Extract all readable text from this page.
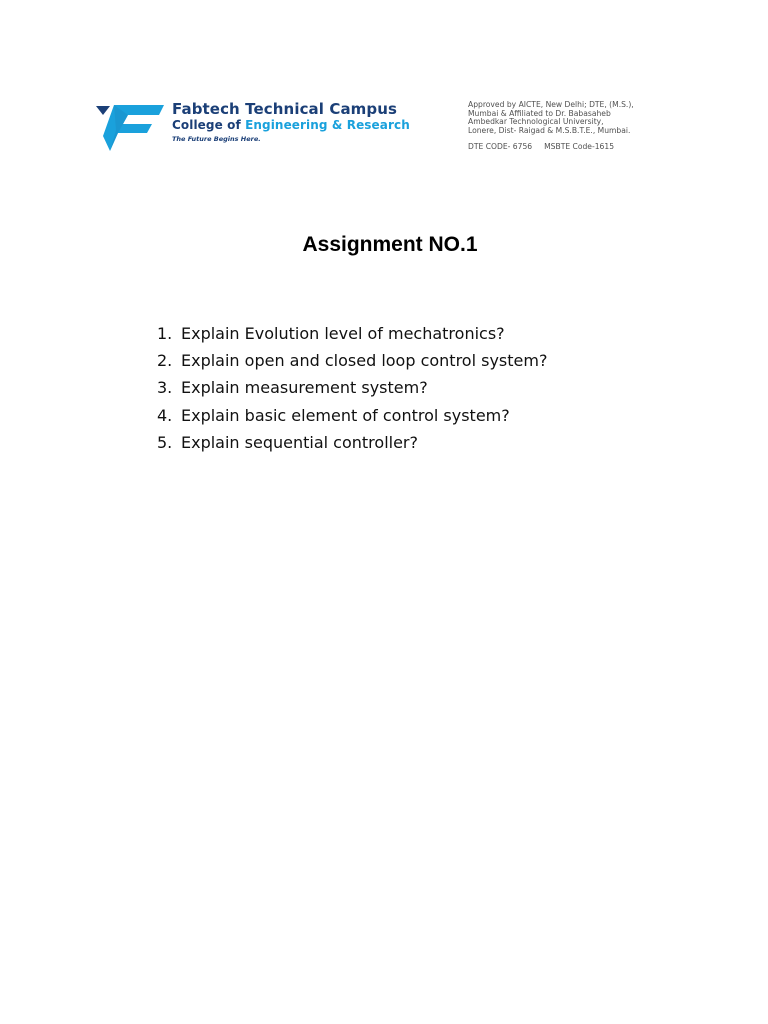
Fabtech Technical Campus
College of Engineering & Research
The Future Begins Here.
Approved by AICTE, New Delhi; DTE, (M.S.),
Mumbai & Affiliated to Dr. Babasaheb
Ambedkar Technological University,
Lonere, Dist- Raigad & M.S.B.T.E., Mumbai.
DTE CODE- 6756 MSBTE Code-1615
Assignment NO.1
1. Explain Evolution level of mechatronics?
2. Explain open and closed loop control system?
3. Explain measurement system?
4. Explain basic element of control system?
5. Explain sequential controller?
